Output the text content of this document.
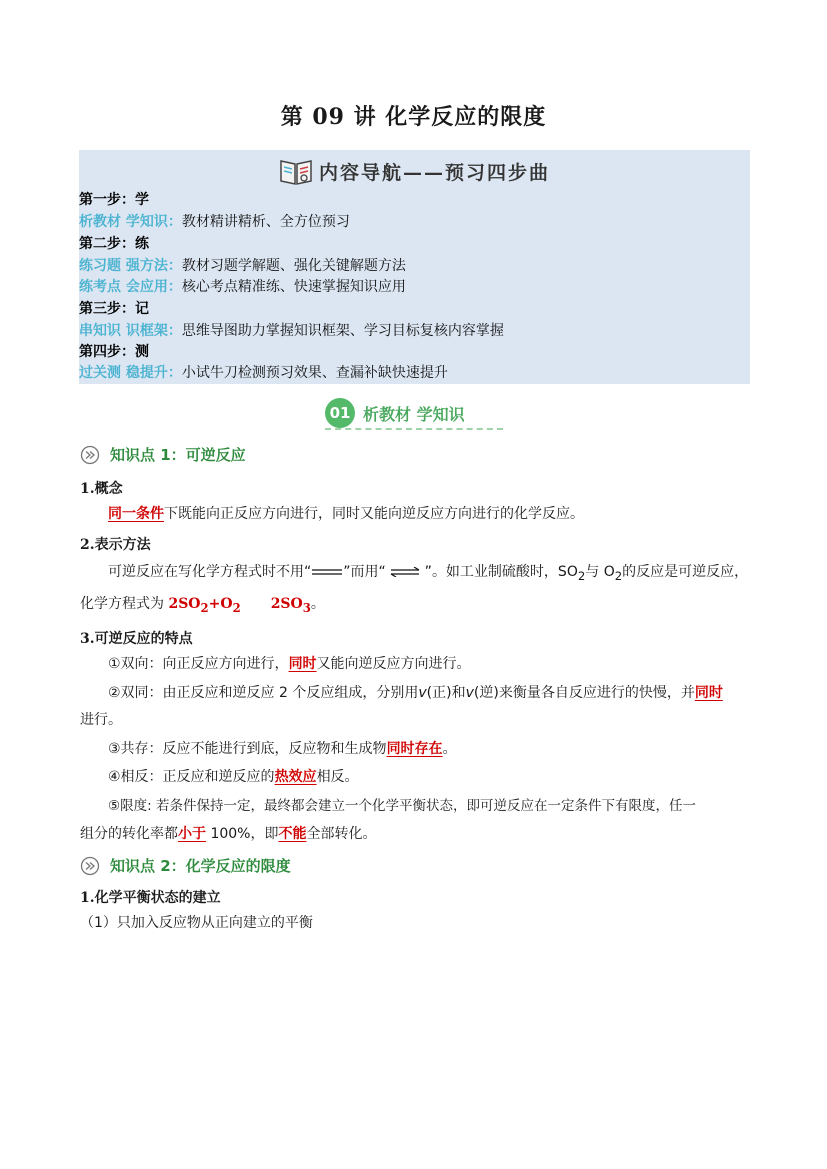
第 09 讲 化学反应的限度
内容导航——预习四步曲
第一步：学
析教材 学知识：教材精讲精析、全方位预习
第二步：练
练习题 强方法：教材习题学解题、强化关键解题方法
练考点 会应用：核心考点精准练、快速掌握知识应用
第三步：记
串知识 识框架：思维导图助力掌握知识框架、学习目标复核内容掌握
第四步：测
过关测 稳提升：小试牛刀检测预习效果、查漏补缺快速提升
01 析教材 学知识
知识点 1：可逆反应
1.概念
同一条件下既能向正反应方向进行，同时又能向逆反应方向进行的化学反应。
2.表示方法
可逆反应在写化学方程式时不用“ ”而用“ ⇌ ”。如工业制硫酸时，$SO_2$与 $O_2$的反应是可逆反应，
化学方程式为 $2SO_2+O_2$ $2SO_3$。
3.可逆反应的特点
①双向：向正反应方向进行，同时又能向逆反应方向进行。
②双同：由正反应和逆反应 2 个反应组成，分别用v(正)和v(逆)来衡量各自反应进行的快慢，并同时
进行。
③共存：反应不能进行到底，反应物和生成物同时存在。
④相反：正反应和逆反应的热效应相反。
⑤限度: 若条件保持一定，最终都会建立一个化学平衡状态，即可逆反应在一定条件下有限度，任一
组分的转化率都小于 100%，即不能全部转化。
知识点 2：化学反应的限度
1.化学平衡状态的建立
（1）只加入反应物从正向建立的平衡
